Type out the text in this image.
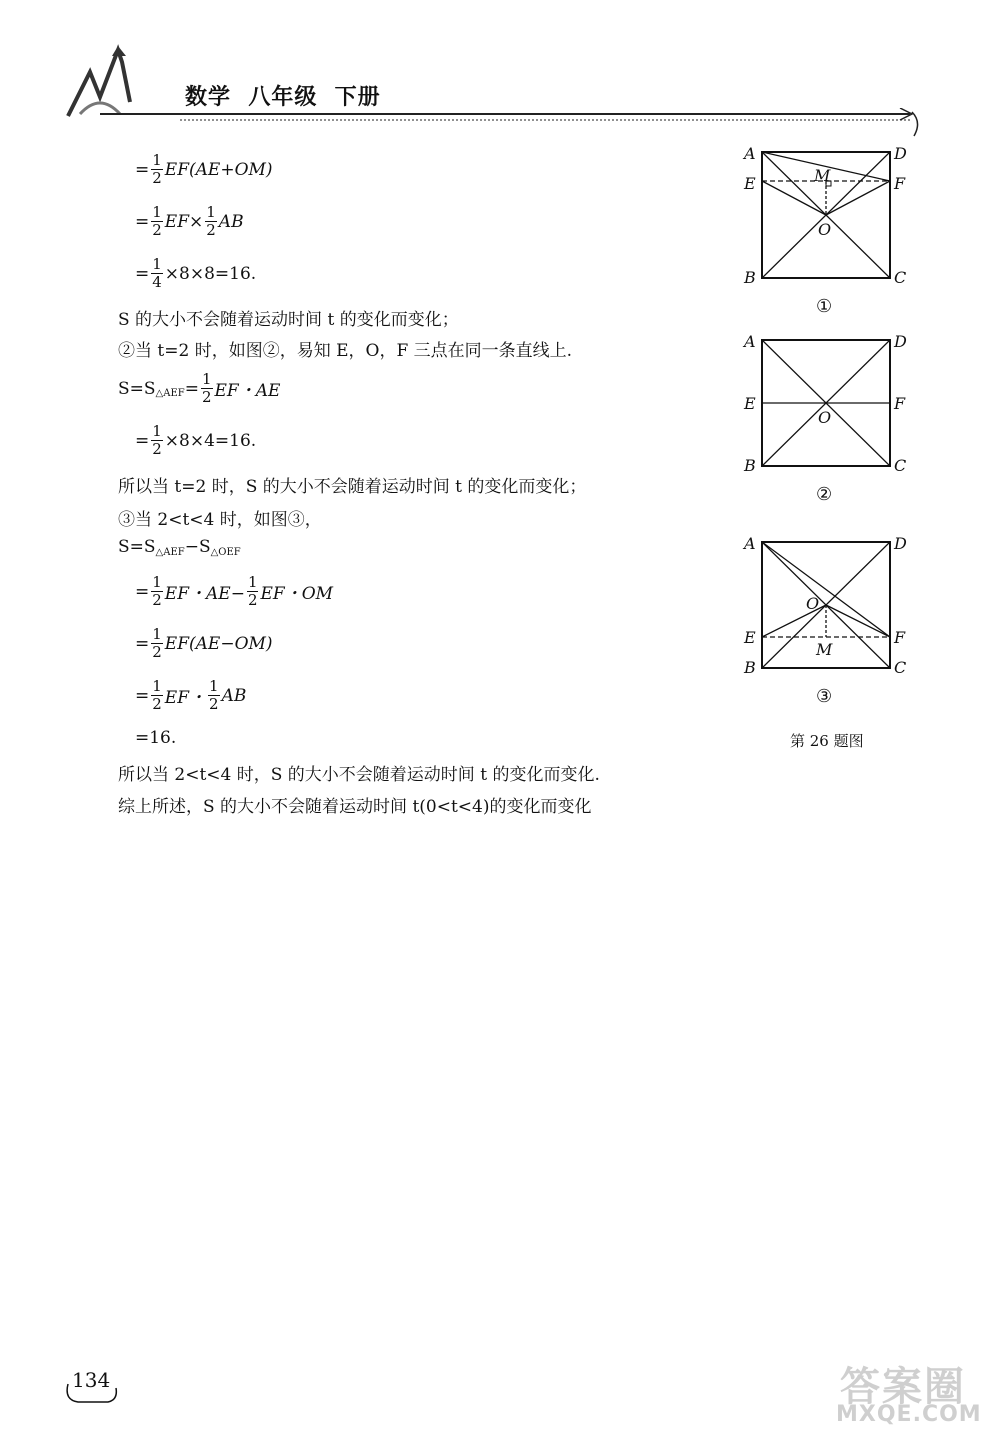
数学  八年级  下册
= $\frac{1}{2} EF(AE+OM)$
= $\frac{1}{2} EF\times \frac{1}{2}$ AB
= $\frac{1}{4} \times 8\times 8=16$.
S 的大小不会随着运动时间 t 的变化而变化；
②当 t=2 时，如图②，易知 E，O，F 三点在同一条直线上.
S=S △AEF = $\frac{1}{2}$ EF・AE
= $\frac{1}{2} \times 8\times 4=16$.
所以当 t=2 时，S 的大小不会随着运动时间 t 的变化而变化；
③当 2<t<4 时，如图③，
S=S △AEF −S △OEF
= $\frac{1}{2}$ EF・$AE- \frac{1}{2}$ EF・OM
= $\frac{1}{2} EF(AE-OM)$
= $\frac{1}{2}$ EF・ $\frac{1}{2}$ AB
=16.
所以当 2<t<4 时，S 的大小不会随着运动时间 t 的变化而变化.
综上所述，S 的大小不会随着运动时间 t(0<t<4)的变化而变化
A	D
E	F
M
O
B	C
①
A	D
E	F
O
B	C
②
A	D
O
E	F
M
B	C
③
第 26 题图
134	答案圈
MXQE.COM
